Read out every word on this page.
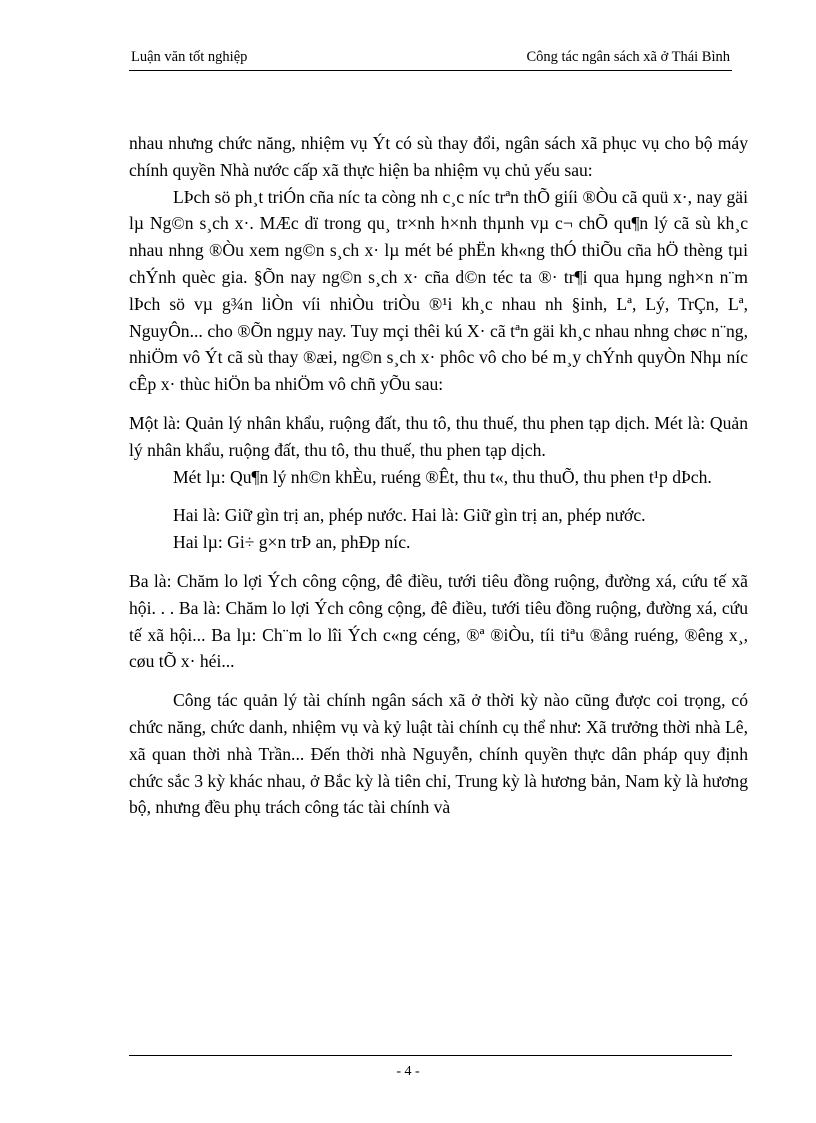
Luận văn tốt nghiệp	Công tác ngân sách xã ở Thái Bình

nhau nhưng chức năng, nhiệm vụ Ýt có sù thay đổi, ngân sách xã phục vụ cho bộ máy chính quyền Nhà nước cấp xã thực hiện ba nhiệm vụ chủ yếu sau:

LÞch sö ph¸t triÓn cña níc ta còng nh c¸c níc trªn thÕ giíi ®Òu cã quü x·, nay gäi lµ Ng©n s¸ch x·. MÆc dï trong qu¸ tr×nh h×nh thµnh vµ c¬ chÕ qu¶n lý cã sù kh¸c nhau nhng ®Òu xem ng©n s¸ch x· lµ mét bé phËn kh«ng thÓ thiÕu cña hÖ thèng tµi chÝnh quèc gia. §Õn nay ng©n s¸ch x· cña d©n téc ta ®· tr¶i qua hµng ngh×n n¨m lÞch sö vµ g¾n liÒn víi nhiÒu triÒu ®¹i kh¸c nhau nh §inh, Lª, Lý, TrÇn, Lª, NguyÔn... cho ®Õn ngµy nay. Tuy mçi thêi kú X· cã tªn gäi kh¸c nhau nhng chøc n¨ng, nhiÖm vô Ýt cã sù thay ®æi, ng©n s¸ch x· phôc vô cho bé m¸y chÝnh quyÒn Nhµ níc cÊp x· thùc hiÖn ba nhiÖm vô chñ yÕu sau:

Một là: Quản lý nhân khẩu, ruộng đất, thu tô, thu thuế, thu phen tạp dịch. Mét là: Quản lý nhân khẩu, ruộng đất, thu tô, thu thuế, thu phen tạp dịch.

Mét lµ: Qu¶n lý nh©n khÈu, ruéng ®Êt, thu t«, thu thuÕ, thu phen t¹p dÞch.

Hai là: Giữ gìn trị an, phép nước. Hai là: Giữ gìn trị an, phép nước.

Hai lµ: Gi÷ g×n trÞ an, phÐp níc.

Ba là: Chăm lo lợi Ých công cộng, đê điều, tưới tiêu đồng ruộng, đường xá, cứu tế xã hội. . . Ba là: Chăm lo lợi Ých công cộng, đê điều, tưới tiêu đồng ruộng, đường xá, cứu tế xã hội... Ba lµ: Ch¨m lo lîi Ých c«ng céng, ®ª ®iÒu, tíi tiªu ®ång ruéng, ®êng x¸, cøu tÕ x· héi...

Công tác quản lý tài chính ngân sách xã ở thời kỳ nào cũng được coi trọng, có chức năng, chức danh, nhiệm vụ và kỷ luật tài chính cụ thể như: Xã trưởng thời nhà Lê, xã quan thời nhà Trần... Đến thời nhà Nguyễn, chính quyền thực dân pháp quy định chức sắc 3 kỳ khác nhau, ở Bắc kỳ là tiên chỉ, Trung kỳ là hương bản, Nam kỳ là hương bộ, nhưng đều phụ trách công tác tài chính và

- 4 -
